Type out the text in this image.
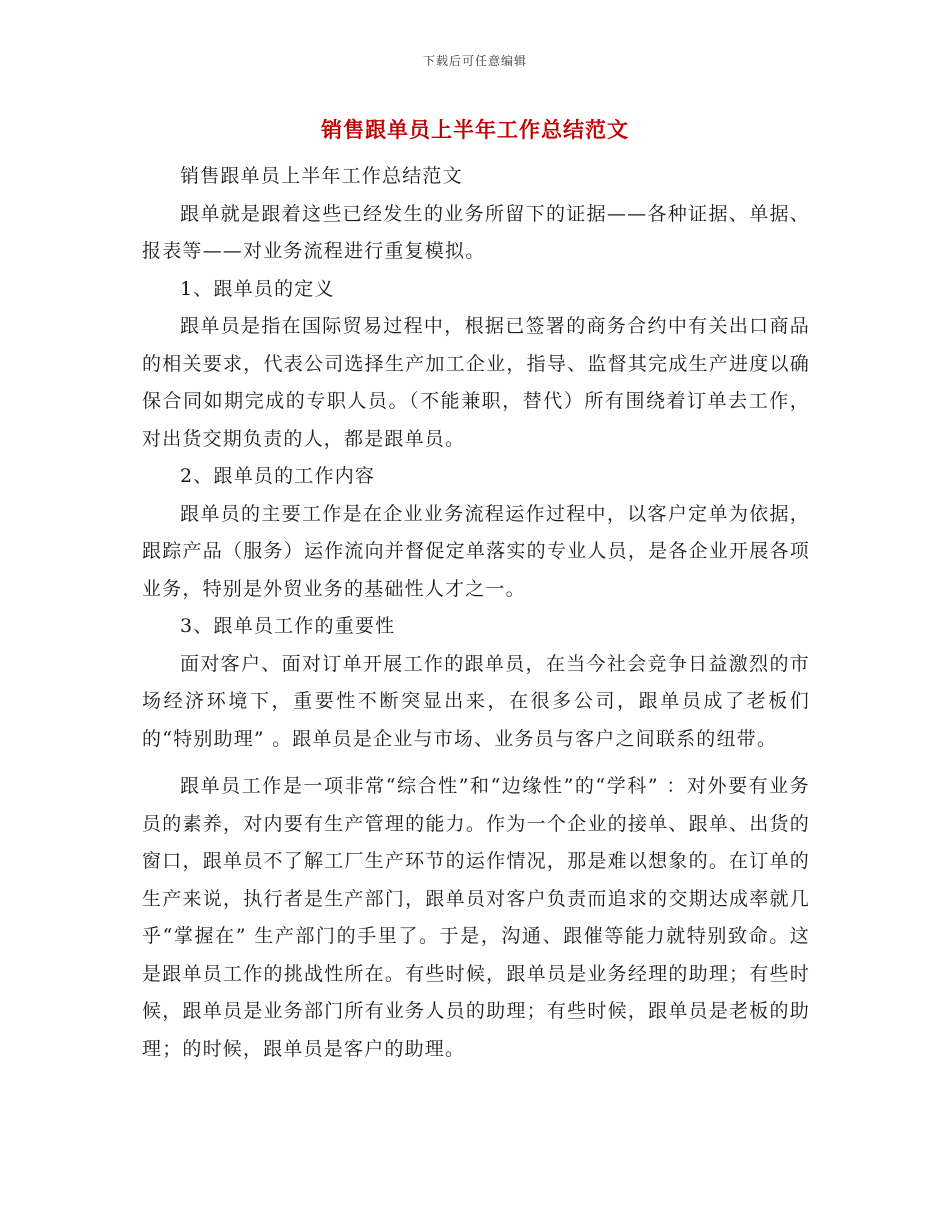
下载后可任意编辑
销售跟单员上半年工作总结范文

销售跟单员上半年工作总结范文

跟单就是跟着这些已经发生的业务所留下的证据——各种证据、单据、报表等——对业务流程进行重复模拟。

1、跟单员的定义

跟单员是指在国际贸易过程中，根据已签署的商务合约中有关出口商品的相关要求，代表公司选择生产加工企业，指导、监督其完成生产进度以确保合同如期完成的专职人员。（不能兼职，替代）所有围绕着订单去工作，对出货交期负责的人，都是跟单员。

2、跟单员的工作内容

跟单员的主要工作是在企业业务流程运作过程中，以客户定单为依据，跟踪产品（服务）运作流向并督促定单落实的专业人员，是各企业开展各项业务，特别是外贸业务的基础性人才之一。

3、跟单员工作的重要性

面对客户、面对订单开展工作的跟单员，在当今社会竞争日益激烈的市场经济环境下，重要性不断突显出来，在很多公司，跟单员成了老板们的“特别助理” 。跟单员是企业与市场、业务员与客户之间联系的纽带。

跟单员工作是一项非常“综合性”和“边缘性”的“学科” ：对外要有业务员的素养，对内要有生产管理的能力。作为一个企业的接单、跟单、出货的窗口，跟单员不了解工厂生产环节的运作情况，那是难以想象的。在订单的生产来说，执行者是生产部门，跟单员对客户负责而追求的交期达成率就几乎“掌握在” 生产部门的手里了。于是，沟通、跟催等能力就特别致命。这是跟单员工作的挑战性所在。有些时候，跟单员是业务经理的助理；有些时候，跟单员是业务部门所有业务人员的助理；有些时候，跟单员是老板的助理；的时候，跟单员是客户的助理。
